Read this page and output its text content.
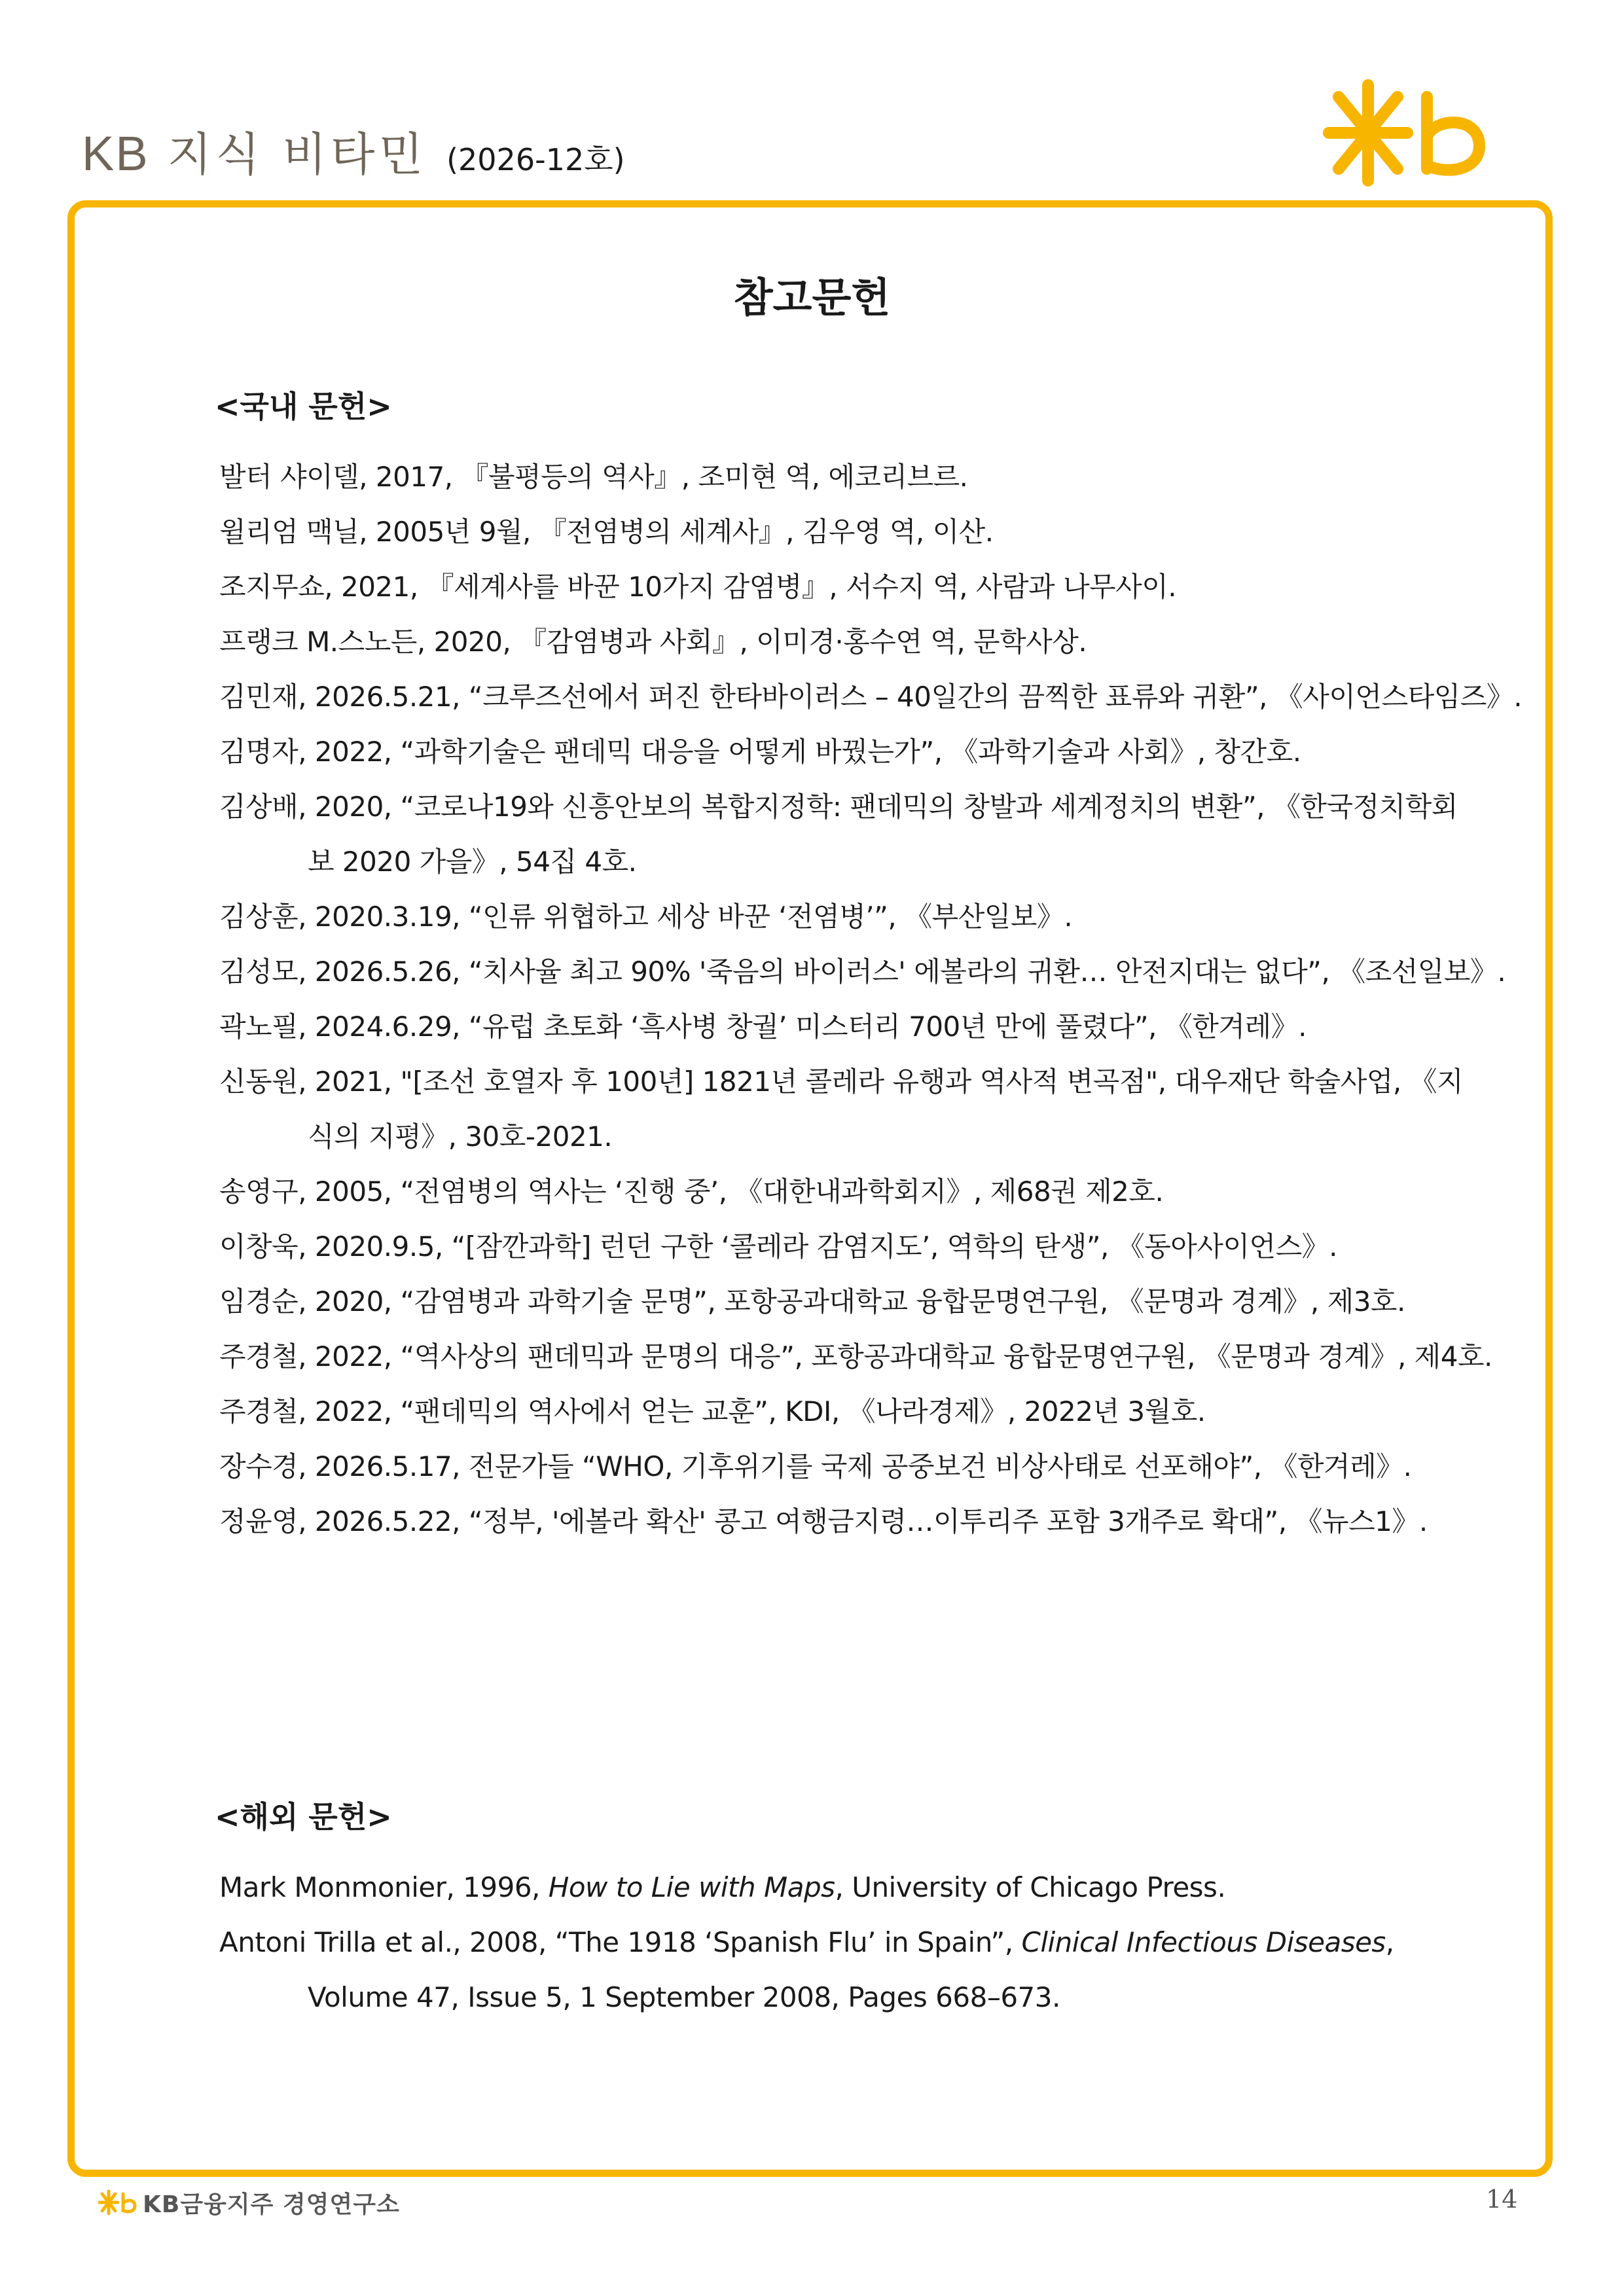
KB 지식 비타민 (2026-12호)
참고문헌
<국내 문헌>
발터 샤이델, 2017, 『불평등의 역사』, 조미현 역, 에코리브르.
윌리엄 맥닐, 2005년 9월, 『전염병의 세계사』, 김우영 역, 이산.
조지무쇼, 2021, 『세계사를 바꾼 10가지 감염병』, 서수지 역, 사람과 나무사이.
프랭크 M.스노든, 2020, 『감염병과 사회』, 이미경·홍수연 역, 문학사상.
김민재, 2026.5.21, “크루즈선에서 퍼진 한타바이러스 – 40일간의 끔찍한 표류와 귀환”, 《사이언스타임즈》.
김명자, 2022, “과학기술은 팬데믹 대응을 어떻게 바꿨는가”, 《과학기술과 사회》, 창간호.
김상배, 2020, “코로나19와 신흥안보의 복합지정학: 팬데믹의 창발과 세계정치의 변환”, 《한국정치학회보 2020 가을》, 54집 4호.
김상훈, 2020.3.19, “인류 위협하고 세상 바꾼 ‘전염병’”, 《부산일보》.
김성모, 2026.5.26, “치사율 최고 90% '죽음의 바이러스' 에볼라의 귀환… 안전지대는 없다”, 《조선일보》.
곽노필, 2024.6.29, “유럽 초토화 ‘흑사병 창궐’ 미스터리 700년 만에 풀렸다”, 《한겨레》.
신동원, 2021, "[조선 호열자 후 100년] 1821년 콜레라 유행과 역사적 변곡점", 대우재단 학술사업, 《지식의 지평》, 30호-2021.
송영구, 2005, “전염병의 역사는 ‘진행 중’, 《대한내과학회지》, 제68권 제2호.
이창욱, 2020.9.5, “[잠깐과학] 런던 구한 ‘콜레라 감염지도’, 역학의 탄생”, 《동아사이언스》.
임경순, 2020, “감염병과 과학기술 문명”, 포항공과대학교 융합문명연구원, 《문명과 경계》, 제3호.
주경철, 2022, “역사상의 팬데믹과 문명의 대응”, 포항공과대학교 융합문명연구원, 《문명과 경계》, 제4호.
주경철, 2022, “팬데믹의 역사에서 얻는 교훈”, KDI, 《나라경제》, 2022년 3월호.
장수경, 2026.5.17, 전문가들 “WHO, 기후위기를 국제 공중보건 비상사태로 선포해야”, 《한겨레》.
정윤영, 2026.5.22, “정부, '에볼라 확산' 콩고 여행금지령…이투리주 포함 3개주로 확대”, 《뉴스1》.
<해외 문헌>
Mark Monmonier, 1996, How to Lie with Maps, University of Chicago Press.
Antoni Trilla et al., 2008, “The 1918 ‘Spanish Flu’ in Spain”, Clinical Infectious Diseases, Volume 47, Issue 5, 1 September 2008, Pages 668–673.
KB금융지주 경영연구소	14
